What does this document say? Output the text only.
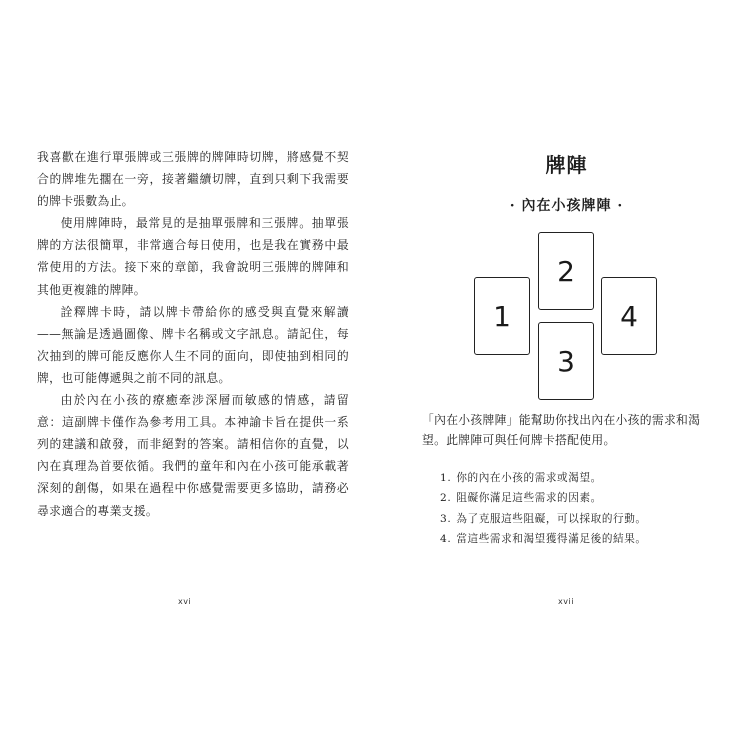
我喜歡在進行單張牌或三張牌的牌陣時切牌，將感覺不契合的牌堆先擱在一旁，接著繼續切牌，直到只剩下我需要的牌卡張數為止。

使用牌陣時，最常見的是抽單張牌和三張牌。抽單張牌的方法很簡單，非常適合每日使用，也是我在實務中最常使用的方法。接下來的章節，我會說明三張牌的牌陣和其他更複雜的牌陣。

詮釋牌卡時，請以牌卡帶給你的感受與直覺來解讀——無論是透過圖像、牌卡名稱或文字訊息。請記住，每次抽到的牌可能反應你人生不同的面向，即使抽到相同的牌，也可能傳遞與之前不同的訊息。

由於內在小孩的療癒牽涉深層而敏感的情感，請留意：這副牌卡僅作為參考用工具。本神諭卡旨在提供一系列的建議和啟發，而非絕對的答案。請相信你的直覺，以內在真理為首要依循。我們的童年和內在小孩可能承載著深刻的創傷，如果在過程中你感覺需要更多協助，請務必尋求適合的專業支援。

xvi
牌陣
· 內在小孩牌陣 ·
1
2
3
4

「內在小孩牌陣」能幫助你找出內在小孩的需求和渴望。此牌陣可與任何牌卡搭配使用。

1. 你的內在小孩的需求或渴望。
2. 阻礙你滿足這些需求的因素。
3. 為了克服這些阻礙，可以採取的行動。
4. 當這些需求和渴望獲得滿足後的結果。
xvii
